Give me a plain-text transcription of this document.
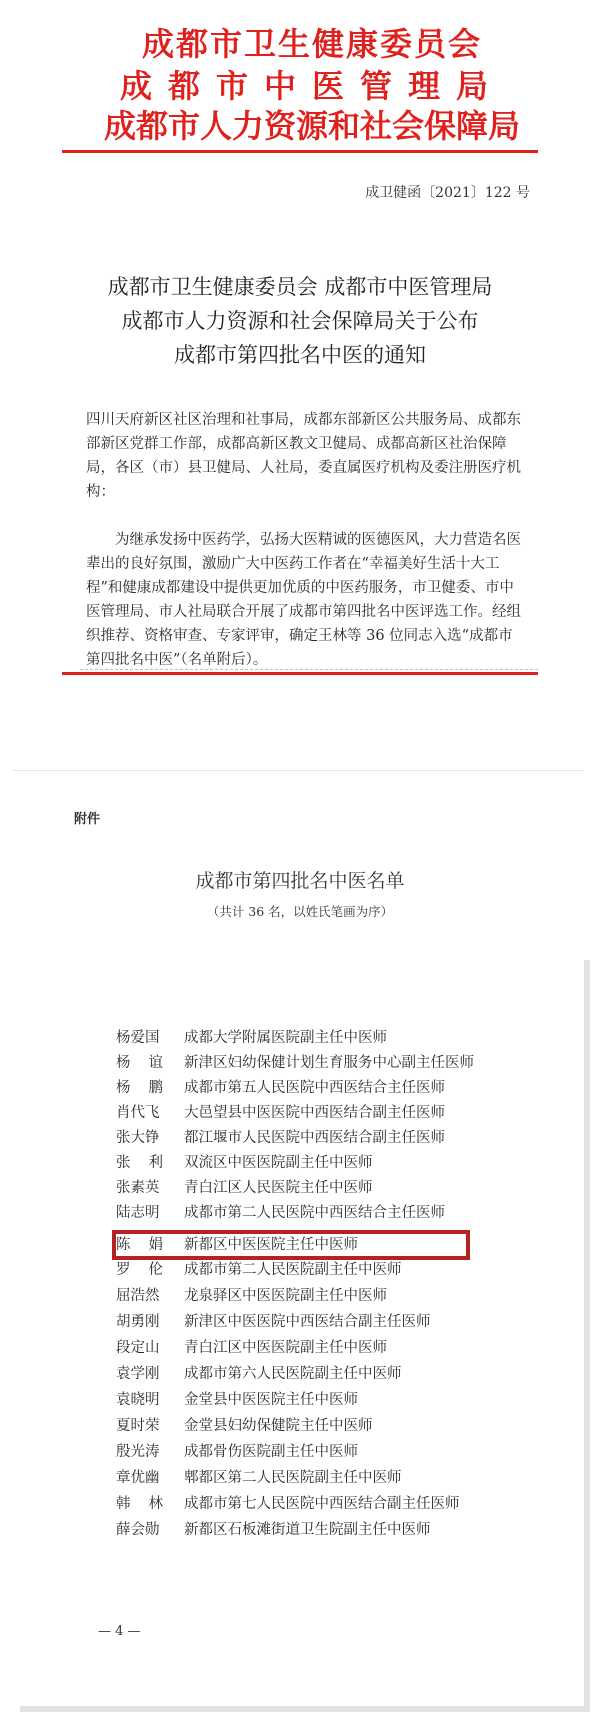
成都市卫生健康委员会
成都市中医管理局
成都市人力资源和社会保障局
成卫健函〔2021〕122 号
成都市卫生健康委员会 成都市中医管理局
成都市人力资源和社会保障局关于公布
成都市第四批名中医的通知
四川天府新区社区治理和社事局，成都东部新区公共服务局、成都东部新区党群工作部，成都高新区教文卫健局、成都高新区社治保障局，各区（市）县卫健局、人社局，委直属医疗机构及委注册医疗机构：
为继承发扬中医药学，弘扬大医精诚的医德医风，大力营造名医辈出的良好氛围，激励广大中医药工作者在“幸福美好生活十大工程”和健康成都建设中提供更加优质的中医药服务，市卫健委、市中医管理局、市人社局联合开展了成都市第四批名中医评选工作。经组织推荐、资格审查、专家评审，确定王林等 36 位同志入选“成都市第四批名中医”（名单附后）。
附件
成都市第四批名中医名单
（共计 36 名，以姓氏笔画为序）
杨爱国 成都大学附属医院副主任中医师
杨谊 新津区妇幼保健计划生育服务中心副主任医师
杨鹏 成都市第五人民医院中西医结合主任医师
肖代飞 大邑望县中医医院中西医结合副主任医师
张大铮 都江堰市人民医院中西医结合副主任医师
张利 双流区中医医院副主任中医师
张素英 青白江区人民医院主任中医师
陆志明 成都市第二人民医院中西医结合主任医师
陈娟 新都区中医医院主任中医师
罗伦 成都市第二人民医院副主任中医师
屈浩然 龙泉驿区中医医院副主任中医师
胡勇刚 新津区中医医院中西医结合副主任医师
段定山 青白江区中医医院副主任中医师
袁学刚 成都市第六人民医院副主任中医师
袁晓明 金堂县中医医院主任中医师
夏时荣 金堂县妇幼保健院主任中医师
殷光涛 成都骨伤医院副主任中医师
章优幽 郫都区第二人民医院副主任中医师
韩林 成都市第七人民医院中西医结合副主任医师
薛会勋 新都区石板滩街道卫生院副主任中医师
— 4 —
